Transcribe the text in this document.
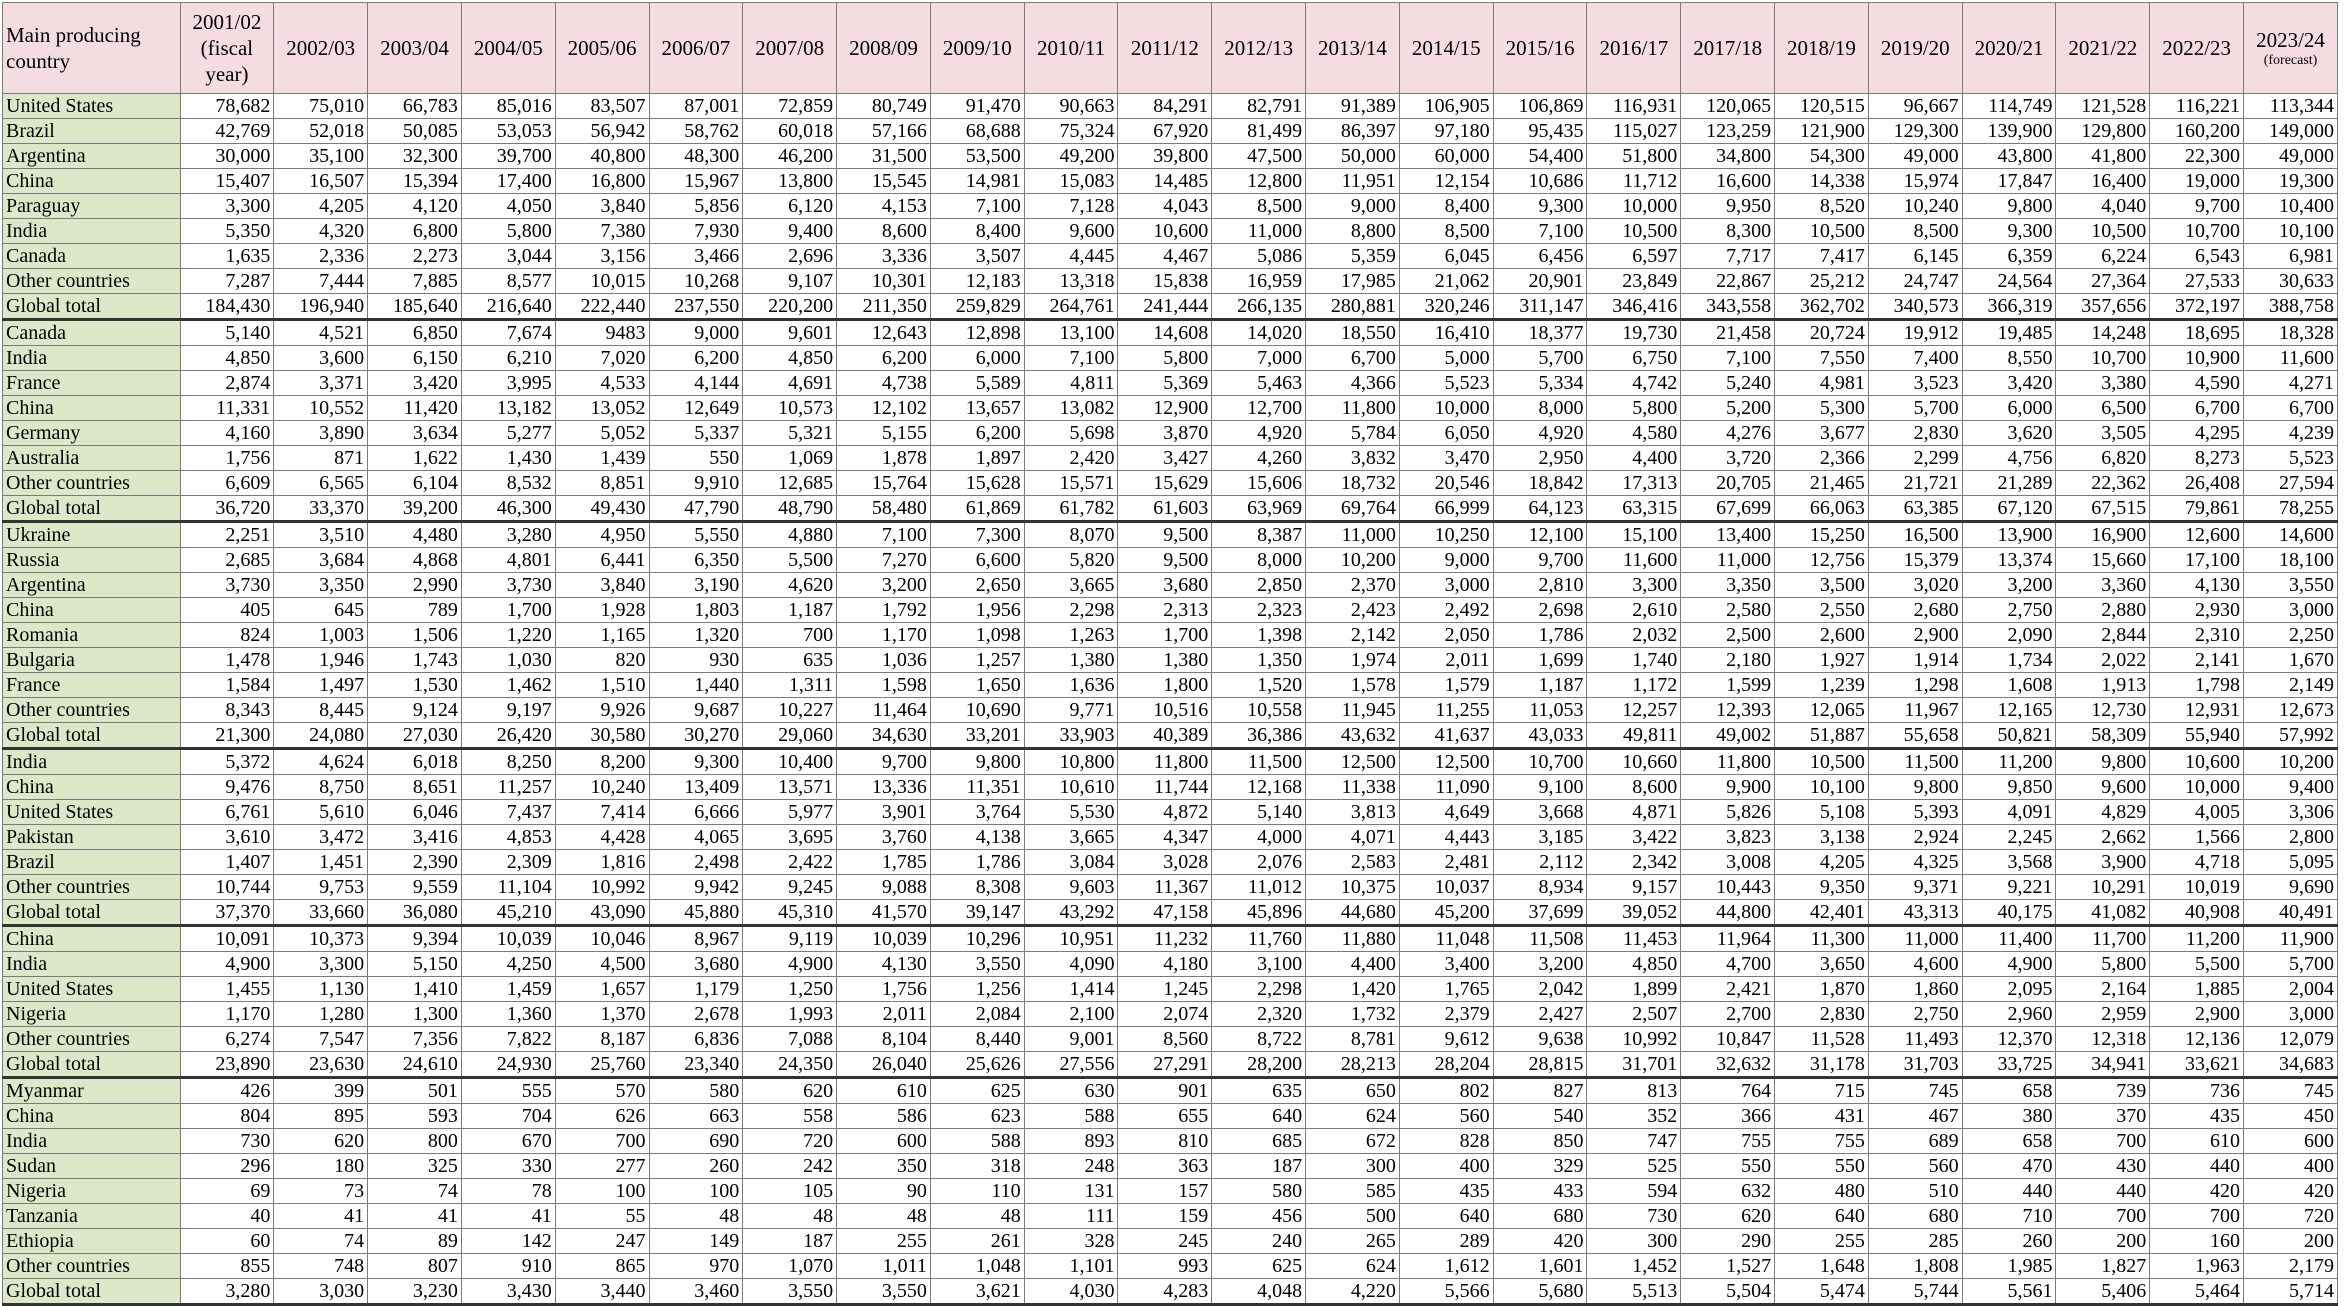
Main producing country	2001/02 (fiscal year)	2002/03	2003/04	2004/05	2005/06	2006/07	2007/08	2008/09	2009/10	2010/11	2011/12	2012/13	2013/14	2014/15	2015/16	2016/17	2017/18	2018/19	2019/20	2020/21	2021/22	2022/23	2023/24
(forecast)

United States	78,682	75,010	66,783	85,016	83,507	87,001	72,859	80,749	91,470	90,663	84,291	82,791	91,389	106,905	106,869	116,931	120,065	120,515	96,667	114,749	121,528	116,221	113,344
Brazil	42,769	52,018	50,085	53,053	56,942	58,762	60,018	57,166	68,688	75,324	67,920	81,499	86,397	97,180	95,435	115,027	123,259	121,900	129,300	139,900	129,800	160,200	149,000
Argentina	30,000	35,100	32,300	39,700	40,800	48,300	46,200	31,500	53,500	49,200	39,800	47,500	50,000	60,000	54,400	51,800	34,800	54,300	49,000	43,800	41,800	22,300	49,000
China	15,407	16,507	15,394	17,400	16,800	15,967	13,800	15,545	14,981	15,083	14,485	12,800	11,951	12,154	10,686	11,712	16,600	14,338	15,974	17,847	16,400	19,000	19,300
Paraguay	3,300	4,205	4,120	4,050	3,840	5,856	6,120	4,153	7,100	7,128	4,043	8,500	9,000	8,400	9,300	10,000	9,950	8,520	10,240	9,800	4,040	9,700	10,400
India	5,350	4,320	6,800	5,800	7,380	7,930	9,400	8,600	8,400	9,600	10,600	11,000	8,800	8,500	7,100	10,500	8,300	10,500	8,500	9,300	10,500	10,700	10,100
Canada	1,635	2,336	2,273	3,044	3,156	3,466	2,696	3,336	3,507	4,445	4,467	5,086	5,359	6,045	6,456	6,597	7,717	7,417	6,145	6,359	6,224	6,543	6,981
Other countries	7,287	7,444	7,885	8,577	10,015	10,268	9,107	10,301	12,183	13,318	15,838	16,959	17,985	21,062	20,901	23,849	22,867	25,212	24,747	24,564	27,364	27,533	30,633
Global total	184,430	196,940	185,640	216,640	222,440	237,550	220,200	211,350	259,829	264,761	241,444	266,135	280,881	320,246	311,147	346,416	343,558	362,702	340,573	366,319	357,656	372,197	388,758
Canada	5,140	4,521	6,850	7,674	9483	9,000	9,601	12,643	12,898	13,100	14,608	14,020	18,550	16,410	18,377	19,730	21,458	20,724	19,912	19,485	14,248	18,695	18,328
India	4,850	3,600	6,150	6,210	7,020	6,200	4,850	6,200	6,000	7,100	5,800	7,000	6,700	5,000	5,700	6,750	7,100	7,550	7,400	8,550	10,700	10,900	11,600
France	2,874	3,371	3,420	3,995	4,533	4,144	4,691	4,738	5,589	4,811	5,369	5,463	4,366	5,523	5,334	4,742	5,240	4,981	3,523	3,420	3,380	4,590	4,271
China	11,331	10,552	11,420	13,182	13,052	12,649	10,573	12,102	13,657	13,082	12,900	12,700	11,800	10,000	8,000	5,800	5,200	5,300	5,700	6,000	6,500	6,700	6,700
Germany	4,160	3,890	3,634	5,277	5,052	5,337	5,321	5,155	6,200	5,698	3,870	4,920	5,784	6,050	4,920	4,580	4,276	3,677	2,830	3,620	3,505	4,295	4,239
Australia	1,756	871	1,622	1,430	1,439	550	1,069	1,878	1,897	2,420	3,427	4,260	3,832	3,470	2,950	4,400	3,720	2,366	2,299	4,756	6,820	8,273	5,523
Other countries	6,609	6,565	6,104	8,532	8,851	9,910	12,685	15,764	15,628	15,571	15,629	15,606	18,732	20,546	18,842	17,313	20,705	21,465	21,721	21,289	22,362	26,408	27,594
Global total	36,720	33,370	39,200	46,300	49,430	47,790	48,790	58,480	61,869	61,782	61,603	63,969	69,764	66,999	64,123	63,315	67,699	66,063	63,385	67,120	67,515	79,861	78,255
Ukraine	2,251	3,510	4,480	3,280	4,950	5,550	4,880	7,100	7,300	8,070	9,500	8,387	11,000	10,250	12,100	15,100	13,400	15,250	16,500	13,900	16,900	12,600	14,600
Russia	2,685	3,684	4,868	4,801	6,441	6,350	5,500	7,270	6,600	5,820	9,500	8,000	10,200	9,000	9,700	11,600	11,000	12,756	15,379	13,374	15,660	17,100	18,100
Argentina	3,730	3,350	2,990	3,730	3,840	3,190	4,620	3,200	2,650	3,665	3,680	2,850	2,370	3,000	2,810	3,300	3,350	3,500	3,020	3,200	3,360	4,130	3,550
China	405	645	789	1,700	1,928	1,803	1,187	1,792	1,956	2,298	2,313	2,323	2,423	2,492	2,698	2,610	2,580	2,550	2,680	2,750	2,880	2,930	3,000
Romania	824	1,003	1,506	1,220	1,165	1,320	700	1,170	1,098	1,263	1,700	1,398	2,142	2,050	1,786	2,032	2,500	2,600	2,900	2,090	2,844	2,310	2,250
Bulgaria	1,478	1,946	1,743	1,030	820	930	635	1,036	1,257	1,380	1,380	1,350	1,974	2,011	1,699	1,740	2,180	1,927	1,914	1,734	2,022	2,141	1,670
France	1,584	1,497	1,530	1,462	1,510	1,440	1,311	1,598	1,650	1,636	1,800	1,520	1,578	1,579	1,187	1,172	1,599	1,239	1,298	1,608	1,913	1,798	2,149
Other countries	8,343	8,445	9,124	9,197	9,926	9,687	10,227	11,464	10,690	9,771	10,516	10,558	11,945	11,255	11,053	12,257	12,393	12,065	11,967	12,165	12,730	12,931	12,673
Global total	21,300	24,080	27,030	26,420	30,580	30,270	29,060	34,630	33,201	33,903	40,389	36,386	43,632	41,637	43,033	49,811	49,002	51,887	55,658	50,821	58,309	55,940	57,992
India	5,372	4,624	6,018	8,250	8,200	9,300	10,400	9,700	9,800	10,800	11,800	11,500	12,500	12,500	10,700	10,660	11,800	10,500	11,500	11,200	9,800	10,600	10,200
China	9,476	8,750	8,651	11,257	10,240	13,409	13,571	13,336	11,351	10,610	11,744	12,168	11,338	11,090	9,100	8,600	9,900	10,100	9,800	9,850	9,600	10,000	9,400
United States	6,761	5,610	6,046	7,437	7,414	6,666	5,977	3,901	3,764	5,530	4,872	5,140	3,813	4,649	3,668	4,871	5,826	5,108	5,393	4,091	4,829	4,005	3,306
Pakistan	3,610	3,472	3,416	4,853	4,428	4,065	3,695	3,760	4,138	3,665	4,347	4,000	4,071	4,443	3,185	3,422	3,823	3,138	2,924	2,245	2,662	1,566	2,800
Brazil	1,407	1,451	2,390	2,309	1,816	2,498	2,422	1,785	1,786	3,084	3,028	2,076	2,583	2,481	2,112	2,342	3,008	4,205	4,325	3,568	3,900	4,718	5,095
Other countries	10,744	9,753	9,559	11,104	10,992	9,942	9,245	9,088	8,308	9,603	11,367	11,012	10,375	10,037	8,934	9,157	10,443	9,350	9,371	9,221	10,291	10,019	9,690
Global total	37,370	33,660	36,080	45,210	43,090	45,880	45,310	41,570	39,147	43,292	47,158	45,896	44,680	45,200	37,699	39,052	44,800	42,401	43,313	40,175	41,082	40,908	40,491
China	10,091	10,373	9,394	10,039	10,046	8,967	9,119	10,039	10,296	10,951	11,232	11,760	11,880	11,048	11,508	11,453	11,964	11,300	11,000	11,400	11,700	11,200	11,900
India	4,900	3,300	5,150	4,250	4,500	3,680	4,900	4,130	3,550	4,090	4,180	3,100	4,400	3,400	3,200	4,850	4,700	3,650	4,600	4,900	5,800	5,500	5,700
United States	1,455	1,130	1,410	1,459	1,657	1,179	1,250	1,756	1,256	1,414	1,245	2,298	1,420	1,765	2,042	1,899	2,421	1,870	1,860	2,095	2,164	1,885	2,004
Nigeria	1,170	1,280	1,300	1,360	1,370	2,678	1,993	2,011	2,084	2,100	2,074	2,320	1,732	2,379	2,427	2,507	2,700	2,830	2,750	2,960	2,959	2,900	3,000
Other countries	6,274	7,547	7,356	7,822	8,187	6,836	7,088	8,104	8,440	9,001	8,560	8,722	8,781	9,612	9,638	10,992	10,847	11,528	11,493	12,370	12,318	12,136	12,079
Global total	23,890	23,630	24,610	24,930	25,760	23,340	24,350	26,040	25,626	27,556	27,291	28,200	28,213	28,204	28,815	31,701	32,632	31,178	31,703	33,725	34,941	33,621	34,683
Myanmar	426	399	501	555	570	580	620	610	625	630	901	635	650	802	827	813	764	715	745	658	739	736	745
China	804	895	593	704	626	663	558	586	623	588	655	640	624	560	540	352	366	431	467	380	370	435	450
India	730	620	800	670	700	690	720	600	588	893	810	685	672	828	850	747	755	755	689	658	700	610	600
Sudan	296	180	325	330	277	260	242	350	318	248	363	187	300	400	329	525	550	550	560	470	430	440	400
Nigeria	69	73	74	78	100	100	105	90	110	131	157	580	585	435	433	594	632	480	510	440	440	420	420
Tanzania	40	41	41	41	55	48	48	48	48	111	159	456	500	640	680	730	620	640	680	710	700	700	720
Ethiopia	60	74	89	142	247	149	187	255	261	328	245	240	265	289	420	300	290	255	285	260	200	160	200
Other countries	855	748	807	910	865	970	1,070	1,011	1,048	1,101	993	625	624	1,612	1,601	1,452	1,527	1,648	1,808	1,985	1,827	1,963	2,179
Global total	3,280	3,030	3,230	3,430	3,440	3,460	3,550	3,550	3,621	4,030	4,283	4,048	4,220	5,566	5,680	5,513	5,504	5,474	5,744	5,561	5,406	5,464	5,714
